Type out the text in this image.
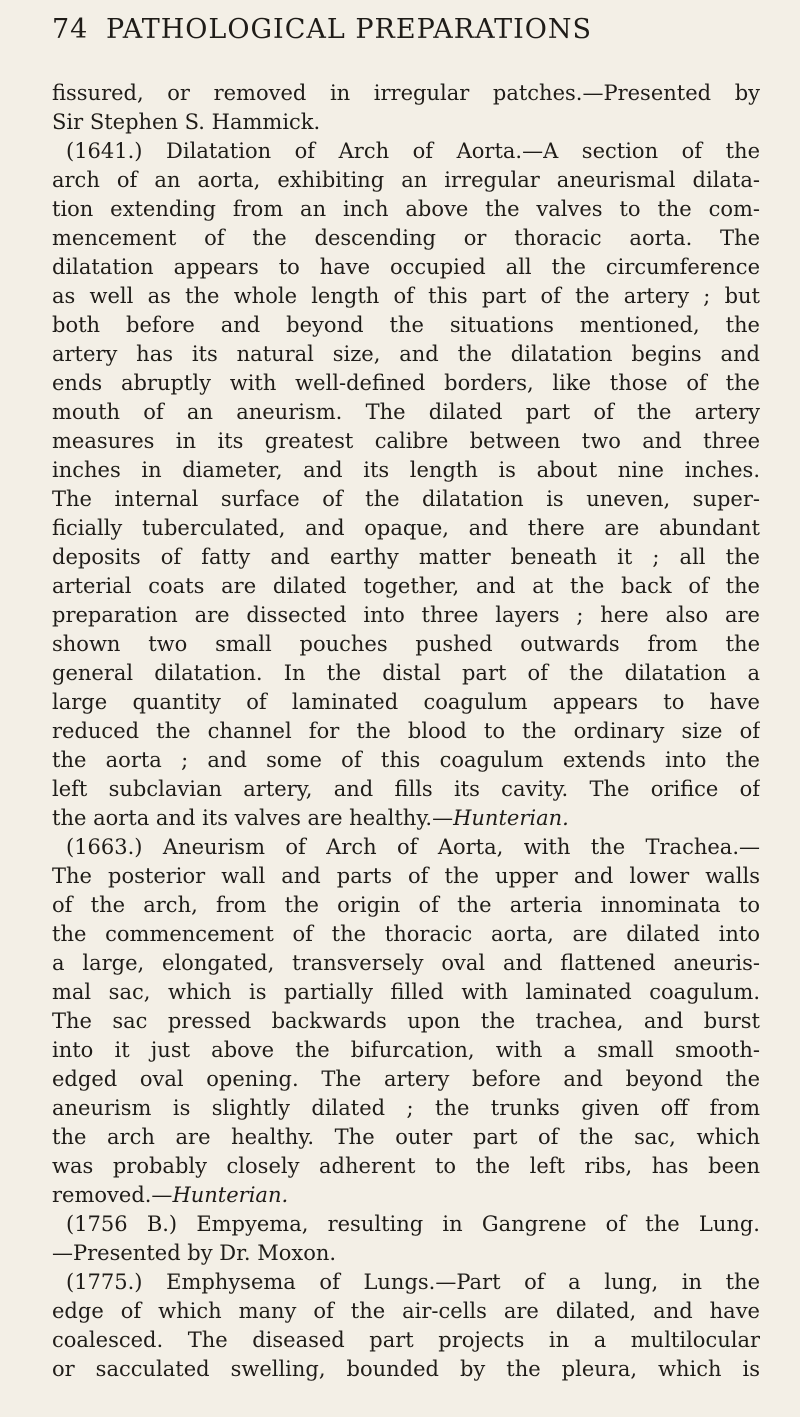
74 PATHOLOGICAL PREPARATIONS
fissured, or removed in irregular patches.—Presented by
Sir Stephen S. Hammick.
(1641.) Dilatation of Arch of Aorta.—A section of the
arch of an aorta, exhibiting an irregular aneurismal dilata-
tion extending from an inch above the valves to the com-
mencement of the descending or thoracic aorta. The
dilatation appears to have occupied all the circumference
as well as the whole length of this part of the artery ; but
both before and beyond the situations mentioned, the
artery has its natural size, and the dilatation begins and
ends abruptly with well-defined borders, like those of the
mouth of an aneurism. The dilated part of the artery
measures in its greatest calibre between two and three
inches in diameter, and its length is about nine inches.
The internal surface of the dilatation is uneven, super-
ficially tuberculated, and opaque, and there are abundant
deposits of fatty and earthy matter beneath it ; all the
arterial coats are dilated together, and at the back of the
preparation are dissected into three layers ; here also are
shown two small pouches pushed outwards from the
general dilatation. In the distal part of the dilatation a
large quantity of laminated coagulum appears to have
reduced the channel for the blood to the ordinary size of
the aorta ; and some of this coagulum extends into the
left subclavian artery, and fills its cavity. The orifice of
the aorta and its valves are healthy.—Hunterian.
(1663.) Aneurism of Arch of Aorta, with the Trachea.—
The posterior wall and parts of the upper and lower walls
of the arch, from the origin of the arteria innominata to
the commencement of the thoracic aorta, are dilated into
a large, elongated, transversely oval and flattened aneuris-
mal sac, which is partially filled with laminated coagulum.
The sac pressed backwards upon the trachea, and burst
into it just above the bifurcation, with a small smooth-
edged oval opening. The artery before and beyond the
aneurism is slightly dilated ; the trunks given off from
the arch are healthy. The outer part of the sac, which
was probably closely adherent to the left ribs, has been
removed.—Hunterian.
(1756 B.) Empyema, resulting in Gangrene of the Lung.
—Presented by Dr. Moxon.
(1775.) Emphysema of Lungs.—Part of a lung, in the
edge of which many of the air-cells are dilated, and have
coalesced. The diseased part projects in a multilocular
or sacculated swelling, bounded by the pleura, which is
